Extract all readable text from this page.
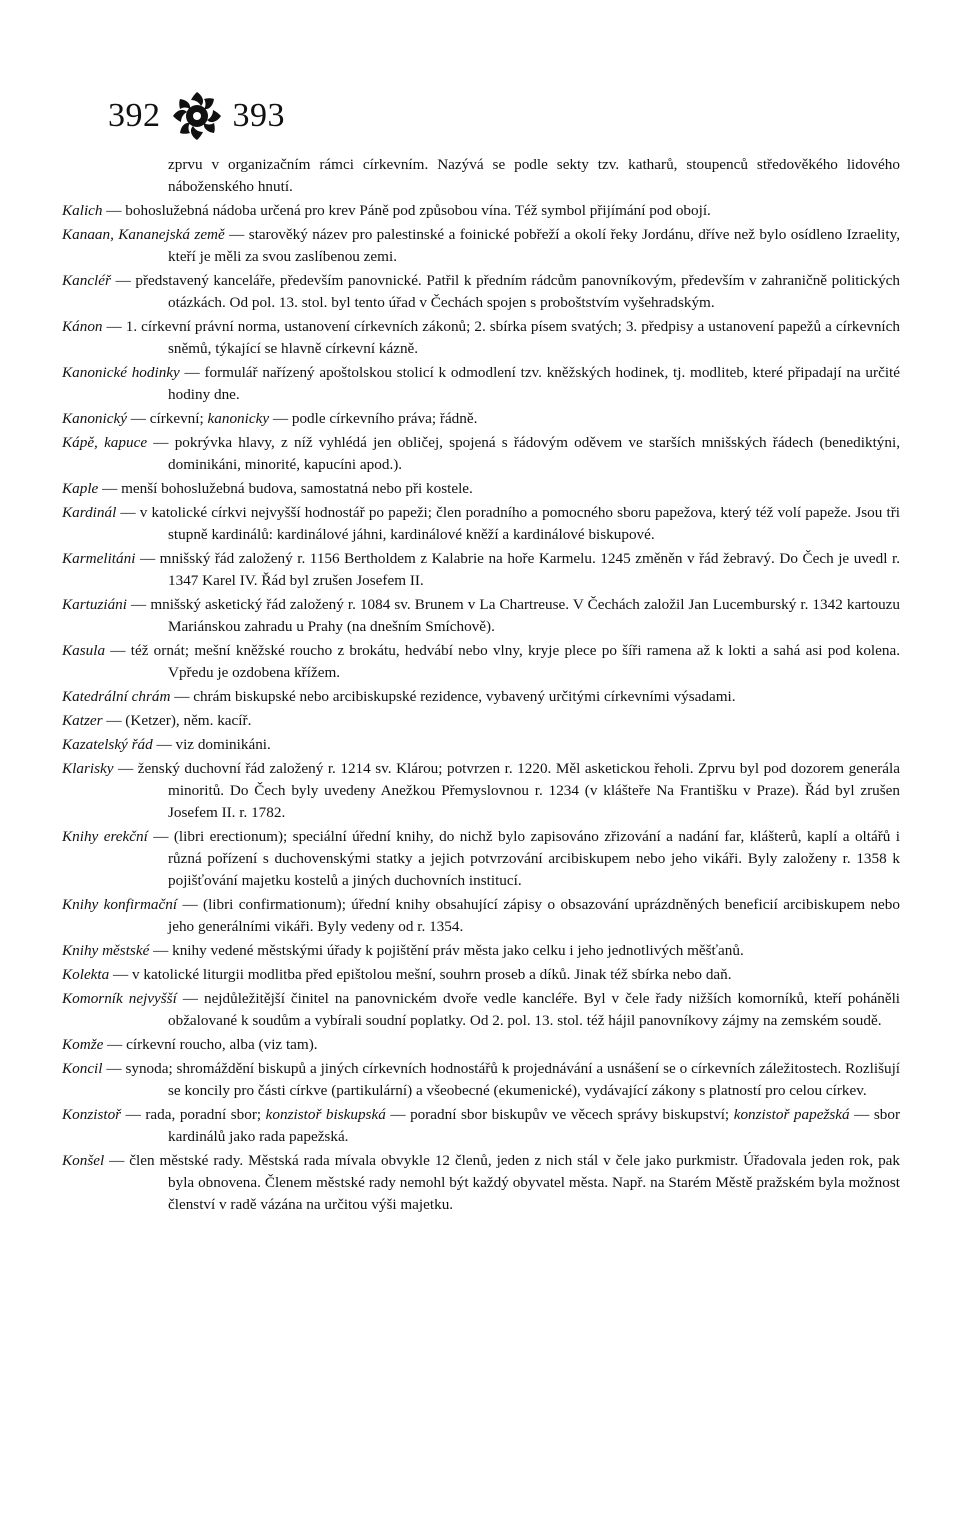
392 393
zprvu v organizačním rámci církevním. Nazývá se podle sekty tzv. katharů, stoupenců středověkého lidového náboženského hnutí.
Kalich — bohoslužebná nádoba určená pro krev Páně pod způsobou vína. Též symbol přijímání pod obojí.
Kanaan, Kananejská země — starověký název pro palestinské a foinické pobřeží a okolí řeky Jordánu, dříve než bylo osídleno Izraelity, kteří je měli za svou zaslíbenou zemi.
Kancléř — představený kanceláře, především panovnické. Patřil k předním rádcům panovníkovým, především v zahraničně politických otázkách. Od pol. 13. stol. byl tento úřad v Čechách spojen s proboštstvím vyšehradským.
Kánon — 1. církevní právní norma, ustanovení církevních zákonů; 2. sbírka písem svatých; 3. předpisy a ustanovení papežů a církevních sněmů, týkající se hlavně církevní kázně.
Kanonické hodinky — formulář nařízený apoštolskou stolicí k odmodlení tzv. kněžských hodinek, tj. modliteb, které připadají na určité hodiny dne.
Kanonický — církevní; kanonicky — podle církevního práva; řádně.
Kápě, kapuce — pokrývka hlavy, z níž vyhlédá jen obličej, spojená s řádovým oděvem ve starších mnišských řádech (benediktýni, dominikáni, minorité, kapucíni apod.).
Kaple — menší bohoslužebná budova, samostatná nebo při kostele.
Kardinál — v katolické církvi nejvyšší hodnostář po papeži; člen poradního a pomocného sboru papežova, který též volí papeže. Jsou tři stupně kardinálů: kardinálové jáhni, kardinálové kněží a kardinálové biskupové.
Karmelitáni — mnišský řád založený r. 1156 Bertholdem z Kalabrie na hoře Karmelu. 1245 změněn v řád žebravý. Do Čech je uvedl r. 1347 Karel IV. Řád byl zrušen Josefem II.
Kartuziáni — mnišský asketický řád založený r. 1084 sv. Brunem v La Chartreuse. V Čechách založil Jan Lucemburský r. 1342 kartouzu Mariánskou zahradu u Prahy (na dnešním Smíchově).
Kasula — též ornát; mešní kněžské roucho z brokátu, hedvábí nebo vlny, kryje plece po šíři ramena až k lokti a sahá asi pod kolena. Vpředu je ozdobena křížem.
Katedrální chrám — chrám biskupské nebo arcibiskupské rezidence, vybavený určitými církevními výsadami.
Katzer — (Ketzer), něm. kacíř.
Kazatelský řád — viz dominikáni.
Klarisky — ženský duchovní řád založený r. 1214 sv. Klárou; potvrzen r. 1220. Měl asketickou řeholi. Zprvu byl pod dozorem generála minoritů. Do Čech byly uvedeny Anežkou Přemyslovnou r. 1234 (v klášteře Na Františku v Praze). Řád byl zrušen Josefem II. r. 1782.
Knihy erekční — (libri erectionum); speciální úřední knihy, do nichž bylo zapisováno zřizování a nadání far, klášterů, kaplí a oltářů i různá pořízení s duchovenskými statky a jejich potvrzování arcibiskupem nebo jeho vikáři. Byly založeny r. 1358 k pojišťování majetku kostelů a jiných duchovních institucí.
Knihy konfirmační — (libri confirmationum); úřední knihy obsahující zápisy o obsazování uprázdněných beneficií arcibiskupem nebo jeho generálními vikáři. Byly vedeny od r. 1354.
Knihy městské — knihy vedené městskými úřady k pojištění práv města jako celku i jeho jednotlivých měšťanů.
Kolekta — v katolické liturgii modlitba před epištolou mešní, souhrn proseb a díků. Jinak též sbírka nebo daň.
Komorník nejvyšší — nejdůležitější činitel na panovnickém dvoře vedle kancléře. Byl v čele řady nižších komorníků, kteří poháněli obžalované k soudům a vybírali soudní poplatky. Od 2. pol. 13. stol. též hájil panovníkovy zájmy na zemském soudě.
Komže — církevní roucho, alba (viz tam).
Koncil — synoda; shromáždění biskupů a jiných církevních hodnostářů k projednávání a usnášení se o církevních záležitostech. Rozlišují se koncily pro části církve (partikulární) a všeobecné (ekumenické), vydávající zákony s platností pro celou církev.
Konzistoř — rada, poradní sbor; konzistoř biskupská — poradní sbor biskupův ve věcech správy biskupství; konzistoř papežská — sbor kardinálů jako rada papežská.
Konšel — člen městské rady. Městská rada mívala obvykle 12 členů, jeden z nich stál v čele jako purkmistr. Úřadovala jeden rok, pak byla obnovena. Členem městské rady nemohl být každý obyvatel města. Např. na Starém Městě pražském byla možnost členství v radě vázána na určitou výši majetku.
